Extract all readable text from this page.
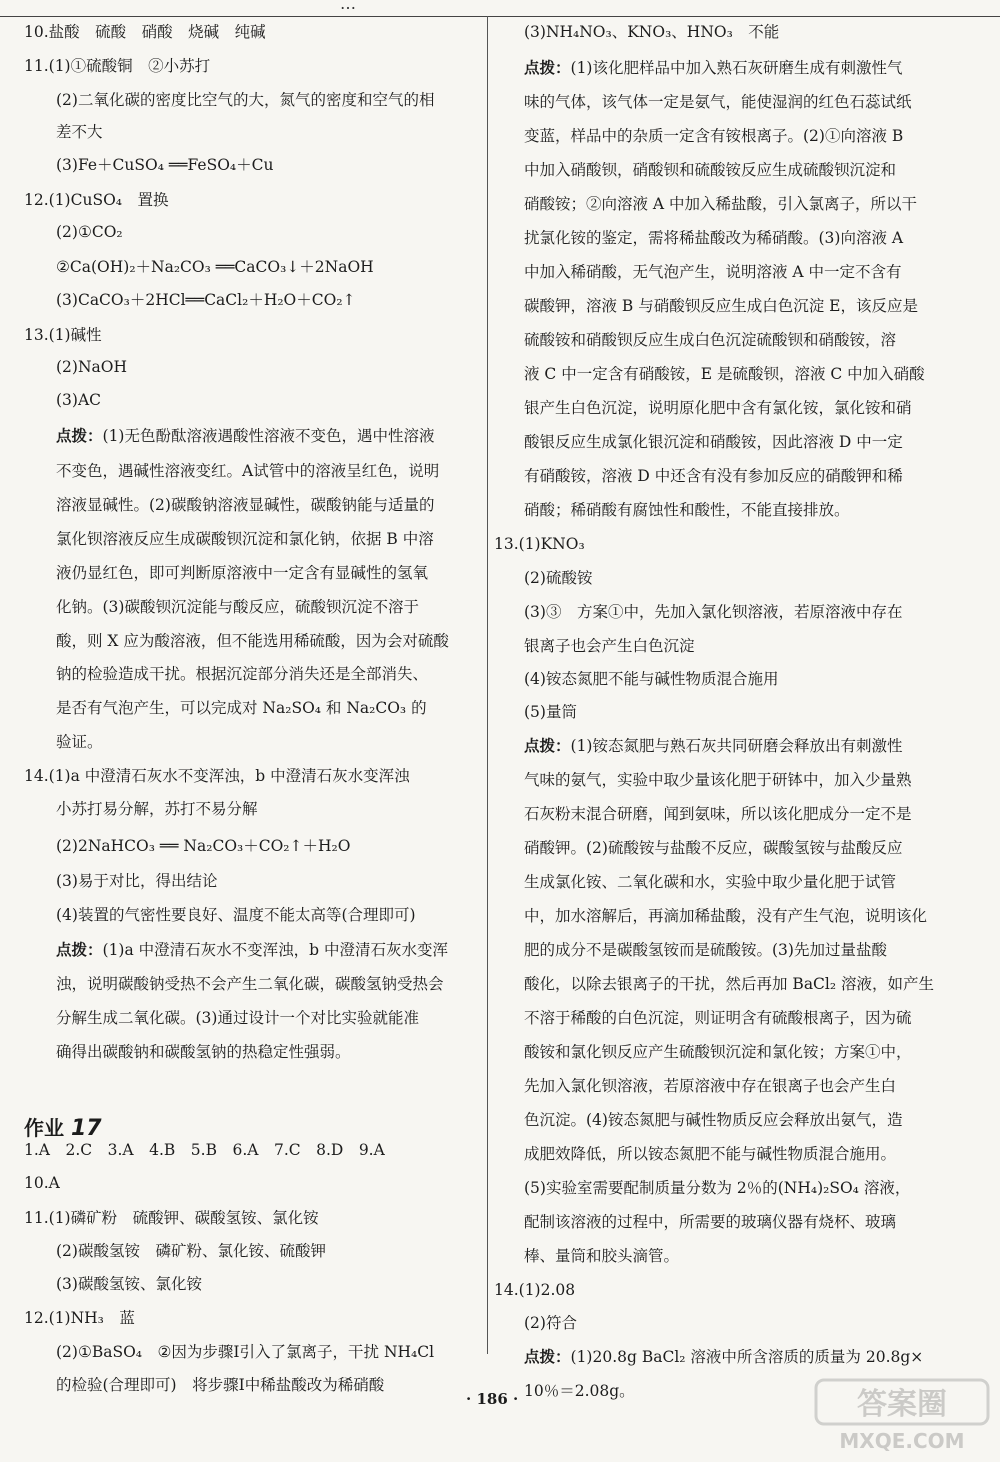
…
10.盐酸　硫酸　硝酸　烧碱　纯碱
11.(1)①硫酸铜　②小苏打
(2)二氧化碳的密度比空气的大，氮气的密度和空气的相
差不大
(3)Fe＋CuSO₄ ══FeSO₄＋Cu
12.(1)CuSO₄　置换
(2)①CO₂
②Ca(OH)₂＋Na₂CO₃ ══CaCO₃↓＋2NaOH
(3)CaCO₃＋2HCl══CaCl₂＋H₂O＋CO₂↑
13.(1)碱性
(2)NaOH
(3)AC
点拨：(1)无色酚酞溶液遇酸性溶液不变色，遇中性溶液
不变色，遇碱性溶液变红。A试管中的溶液呈红色，说明
溶液显碱性。(2)碳酸钠溶液显碱性，碳酸钠能与适量的
氯化钡溶液反应生成碳酸钡沉淀和氯化钠，依据 B 中溶
液仍显红色，即可判断原溶液中一定含有显碱性的氢氧
化钠。(3)碳酸钡沉淀能与酸反应，硫酸钡沉淀不溶于
酸，则 X 应为酸溶液，但不能选用稀硫酸，因为会对硫酸
钠的检验造成干扰。根据沉淀部分消失还是全部消失、
是否有气泡产生，可以完成对 Na₂SO₄ 和 Na₂CO₃ 的
验证。
14.(1)a 中澄清石灰水不变浑浊，b 中澄清石灰水变浑浊
小苏打易分解，苏打不易分解
(2)2NaHCO₃ ══ Na₂CO₃＋CO₂↑＋H₂O
(3)易于对比，得出结论
(4)装置的气密性要良好、温度不能太高等(合理即可)
点拨：(1)a 中澄清石灰水不变浑浊，b 中澄清石灰水变浑
浊，说明碳酸钠受热不会产生二氧化碳，碳酸氢钠受热会
分解生成二氧化碳。(3)通过设计一个对比实验就能准
确得出碳酸钠和碳酸氢钠的热稳定性强弱。
作业 17
1.A　2.C　3.A　4.B　5.B　6.A　7.C　8.D　9.A
10.A
11.(1)磷矿粉　硫酸钾、碳酸氢铵、氯化铵
(2)碳酸氢铵　磷矿粉、氯化铵、硫酸钾
(3)碳酸氢铵、氯化铵
12.(1)NH₃　蓝
(2)①BaSO₄　②因为步骤Ⅰ引入了氯离子，干扰 NH₄Cl
的检验(合理即可)　将步骤Ⅰ中稀盐酸改为稀硝酸
(3)NH₄NO₃、KNO₃、HNO₃　不能
点拨：(1)该化肥样品中加入熟石灰研磨生成有刺激性气
味的气体，该气体一定是氨气，能使湿润的红色石蕊试纸
变蓝，样品中的杂质一定含有铵根离子。(2)①向溶液 B
中加入硝酸钡，硝酸钡和硫酸铵反应生成硫酸钡沉淀和
硝酸铵；②向溶液 A 中加入稀盐酸，引入氯离子，所以干
扰氯化铵的鉴定，需将稀盐酸改为稀硝酸。(3)向溶液 A
中加入稀硝酸，无气泡产生，说明溶液 A 中一定不含有
碳酸钾，溶液 B 与硝酸钡反应生成白色沉淀 E，该反应是
硫酸铵和硝酸钡反应生成白色沉淀硫酸钡和硝酸铵，溶
液 C 中一定含有硝酸铵，E 是硫酸钡，溶液 C 中加入硝酸
银产生白色沉淀，说明原化肥中含有氯化铵，氯化铵和硝
酸银反应生成氯化银沉淀和硝酸铵，因此溶液 D 中一定
有硝酸铵，溶液 D 中还含有没有参加反应的硝酸钾和稀
硝酸；稀硝酸有腐蚀性和酸性，不能直接排放。
13.(1)KNO₃
(2)硫酸铵
(3)③　方案①中，先加入氯化钡溶液，若原溶液中存在
银离子也会产生白色沉淀
(4)铵态氮肥不能与碱性物质混合施用
(5)量筒
点拨：(1)铵态氮肥与熟石灰共同研磨会释放出有刺激性
气味的氨气，实验中取少量该化肥于研钵中，加入少量熟
石灰粉末混合研磨，闻到氨味，所以该化肥成分一定不是
硝酸钾。(2)硫酸铵与盐酸不反应，碳酸氢铵与盐酸反应
生成氯化铵、二氧化碳和水，实验中取少量化肥于试管
中，加水溶解后，再滴加稀盐酸，没有产生气泡，说明该化
肥的成分不是碳酸氢铵而是硫酸铵。(3)先加过量盐酸
酸化，以除去银离子的干扰，然后再加 BaCl₂ 溶液，如产生
不溶于稀酸的白色沉淀，则证明含有硫酸根离子，因为硫
酸铵和氯化钡反应产生硫酸钡沉淀和氯化铵；方案①中，
先加入氯化钡溶液，若原溶液中存在银离子也会产生白
色沉淀。(4)铵态氮肥与碱性物质反应会释放出氨气，造
成肥效降低，所以铵态氮肥不能与碱性物质混合施用。
(5)实验室需要配制质量分数为 2％的(NH₄)₂SO₄ 溶液，
配制该溶液的过程中，所需要的玻璃仪器有烧杯、玻璃
棒、量筒和胶头滴管。
14.(1)2.08
(2)符合
点拨：(1)20.8g BaCl₂ 溶液中所含溶质的质量为 20.8g×
10％＝2.08g。
· 186 ·	答案圈
MXQE.COM
